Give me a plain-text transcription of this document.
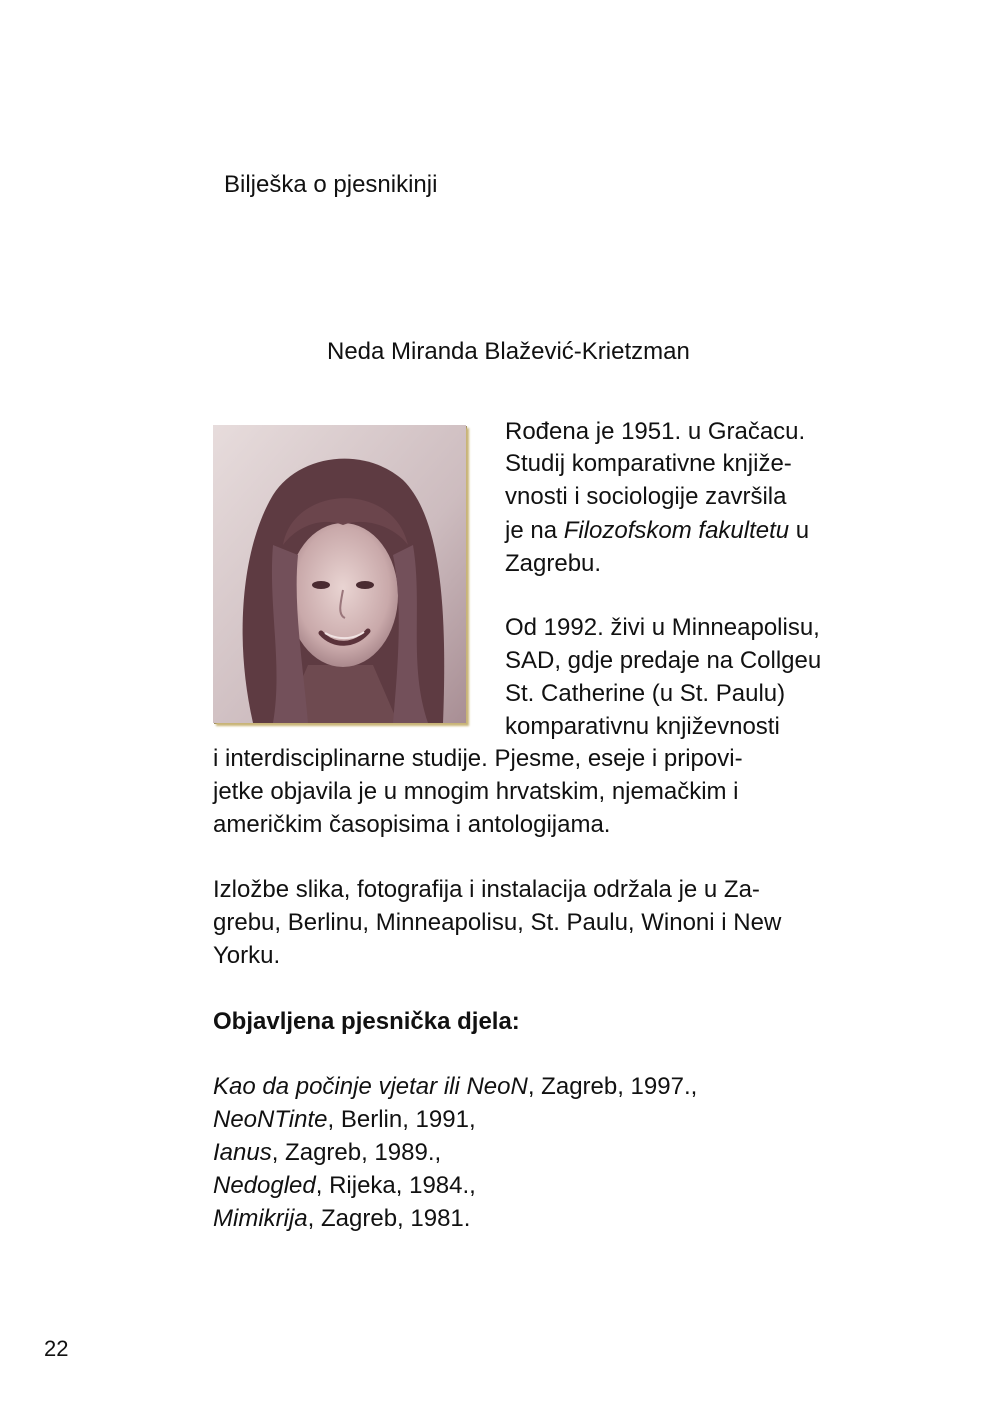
Bilješka o pjesnikinji
Neda Miranda Blažević-Krietzman
Rođena je 1951. u Gračacu.
Studij komparativne knjiže-
vnosti i sociologije završila
je na Filozofskom fakultetu u
Zagrebu.
Od 1992. živi u Minneapolisu,
SAD, gdje predaje na Collgeu
St. Catherine (u St. Paulu)
komparativnu književnosti
i interdisciplinarne studije. Pjesme, eseje i pripovi-
jetke objavila je u mnogim hrvatskim, njemačkim i
američkim časopisima i antologijama.
Izložbe slika, fotografija i instalacija održala je u Za-
grebu, Berlinu, Minneapolisu, St. Paulu, Winoni i New
Yorku.
Objavljena pjesnička djela:
Kao da počinje vjetar ili NeoN, Zagreb, 1997.,
NeoNTinte, Berlin, 1991,
Ianus, Zagreb, 1989.,
Nedogled, Rijeka, 1984.,
Mimikrija, Zagreb, 1981.
22
